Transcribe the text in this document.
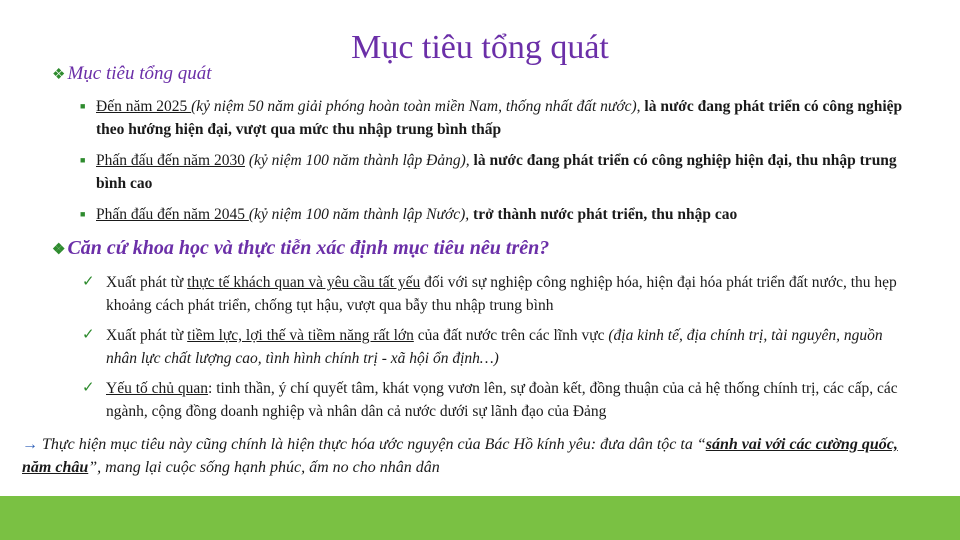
Mục tiêu tổng quát
❖ Mục tiêu tổng quát
■ Đến năm 2025 (kỷ niệm 50 năm giải phóng hoàn toàn miền Nam, thống nhất đất nước), là nước đang phát triển có công nghiệp theo hướng hiện đại, vượt qua mức thu nhập trung bình thấp
■ Phấn đấu đến năm 2030 (kỷ niệm 100 năm thành lập Đảng), là nước đang phát triển có công nghiệp hiện đại, thu nhập trung bình cao
■ Phấn đấu đến năm 2045 (kỷ niệm 100 năm thành lập Nước), trở thành nước phát triển, thu nhập cao
❖ Căn cứ khoa học và thực tiễn xác định mục tiêu nêu trên?
✓ Xuất phát từ thực tế khách quan và yêu cầu tất yếu đối với sự nghiệp công nghiệp hóa, hiện đại hóa phát triển đất nước, thu hẹp khoảng cách phát triển, chống tụt hậu, vượt qua bẫy thu nhập trung bình
✓ Xuất phát từ tiềm lực, lợi thế và tiềm năng rất lớn của đất nước trên các lĩnh vực (địa kinh tế, địa chính trị, tài nguyên, nguồn nhân lực chất lượng cao, tình hình chính trị - xã hội ổn định…)
✓ Yếu tố chủ quan: tinh thần, ý chí quyết tâm, khát vọng vươn lên, sự đoàn kết, đồng thuận của cả hệ thống chính trị, các cấp, các ngành, cộng đồng doanh nghiệp và nhân dân cả nước dưới sự lãnh đạo của Đảng
→ Thực hiện mục tiêu này cũng chính là hiện thực hóa ước nguyện của Bác Hồ kính yêu: đưa dân tộc ta “sánh vai với các cường quốc, năm châu”, mang lại cuộc sống hạnh phúc, ấm no cho nhân dân
